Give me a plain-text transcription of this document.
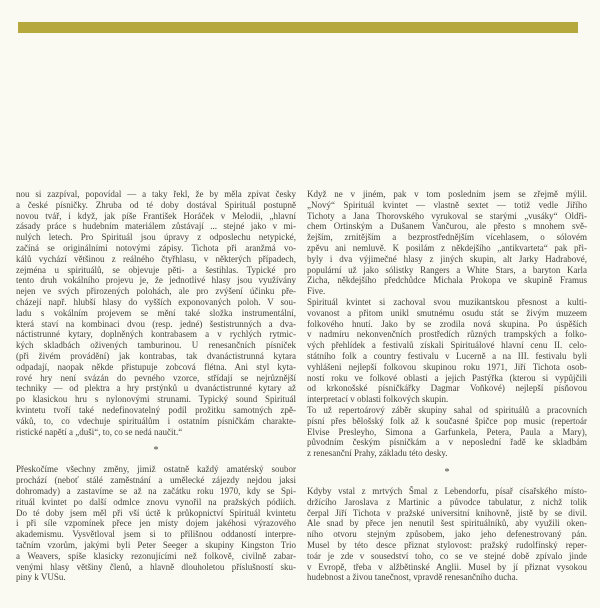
nou si zazpíval, popovídal — a taky řekl, že by měla zpívat česky
a české písničky. Zhruba od té doby dostával Spirituál postupně
novou tvář, i když, jak píše František Horáček v Melodii, „hlavní
zásady práce s hudebním materiálem zůstávají ... stejné jako v mi-
nulých letech. Pro Spirituál jsou úpravy z odposlechu netypické,
začíná se originálními notovými zápisy. Tichota při aranžmá vo-
kálů vychází většinou z reálného čtyřhlasu, v některých případech,
zejména u spirituálů, se objevuje pěti- a šestihlas. Typické pro
tento druh vokálního projevu je, že jednotlivé hlasy jsou využívány
nejen ve svých přirozených polohách, ale pro zvýšení účinku pře-
cházejí např. hlubší hlasy do vyšších exponovaných poloh. V sou-
ladu s vokálním projevem se mění také složka instrumentální,
která staví na kombinaci dvou (resp. jedné) šestistrunných a dva-
náctistrunné kytary, doplněných kontrabasem a v rychlých rytmic-
kých skladbách oživených tamburinou. U renesančních písniček
(při živém provádění) jak kontrabas, tak dvanáctistrunná kytara
odpadají, naopak někde přistupuje zobcová flétna. Ani styl kyta-
rové hry není svázán do pevného vzorce, střídají se nejrůznější
techniky — od plektra a hry prstýnků u dvanáctistrunné kytary až
po klasickou hru s nylonovými strunami. Typický sound Spirituál
kvintetu tvoří také nedefinovatelný podíl prožitku samotných zpě-
váků, to, co vdechuje spirituálům i ostatním písničkám charakte-
ristické napětí a „duši“, to, co se nedá naučit.“
*
Přeskočíme všechny změny, jimiž ostatně každý amatérský soubor
prochází (neboť stálé zaměstnání a umělecké zájezdy nejdou jaksi
dohromady) a zastavíme se až na začátku roku 1970, kdy se Spi-
rituál kvintet po další odmlce znovu vynořil na pražských pódiích.
Do té doby jsem měl při vší úctě k průkopnictví Spirituál kvintetu
i při síle vzpomínek přece jen místy dojem jakéhosi výrazového
akademismu. Vysvětloval jsem si to přílišnou oddaností interpre-
tačním vzorům, jakými byli Peter Seeger a skupiny Kingston Trio
a Weavers, spíše klasicky rezonujícími než folkově, civilně zabar-
venými hlasy většiny členů, a hlavně dlouholetou příslušností sku-
piny k VUSu.
Když ne v jiném, pak v tom posledním jsem se zřejmě mýlil.
„Nový“ Spirituál kvintet — vlastně sextet — totiž vedle Jiřího
Tichoty a Jana Thorovského vyrukoval se starými „vusáky“ Oldři-
chem Ortinským a Dušanem Vančurou, ale přesto s mnohem svě-
žejším, zrnitějším a bezprostřednějším vícehlasem, o sólovém
zpěvu ani nemluvě. K posilám z někdejšího „antikvarteta“ pak při-
byly i dva výjimečné hlasy z jiných skupin, alt Jarky Hadrabové,
populární už jako sólistky Rangers a White Stars, a baryton Karla
Zicha, někdejšího předchůdce Michala Prokopa ve skupině Framus
Five.
Spirituál kvintet si zachoval svou muzikantskou přesnost a kulti-
vovanost a přitom unikl smutnému osudu stát se živým muzeem
folkového hnutí. Jako by se zrodila nová skupina. Po úspěších
v nadmíru nekonvenčních prostředích různých trampských a folko-
vých přehlídek a festivalů získali Spirituálové hlavní cenu II. celo-
státního folk a country festivalu v Lucerně a na III. festivalu byli
vyhlášeni nejlepší folkovou skupinou roku 1971, Jiří Tichota osob-
ností roku ve folkové oblasti a jejich Pastýřka (kterou si vypůjčili
od krkonošské písničkářky Dagmar Voňkové) nejlepší písňovou
interpretací v oblasti folkových skupin.
To už repertoárový záběr skupiny sahal od spirituálů a pracovních
písní přes bělošský folk až k současné špičce pop music (repertoár
Elvise Presleyho, Simona a Garfunkela, Petera, Paula a Mary),
původním českým písničkám a v neposlední řadě ke skladbám
z renesanční Prahy, základu této desky.
*
Kdyby vstal z mrtvých Šmal z Lebendorfu, písař císařského místo-
držícího Jaroslava z Martinic a původce tabulatur, z nichž tolik
čerpal Jiří Tichota v pražské universitní knihovně, jistě by se divil.
Ale snad by přece jen nenutil šest spirituálníků, aby využili oken-
ního otvoru stejným způsobem, jako jeho defenestrovaný pán.
Musel by této desce přiznat stylovost: pražský rudolfínský reper-
toár je zde v sousedství toho, co se ve stejné době zpívalo jinde
v Evropě, třeba v alžbětinské Anglii. Musel by jí přiznat vysokou
hudebnost a živou tanečnost, vpravdě renesančního ducha.
